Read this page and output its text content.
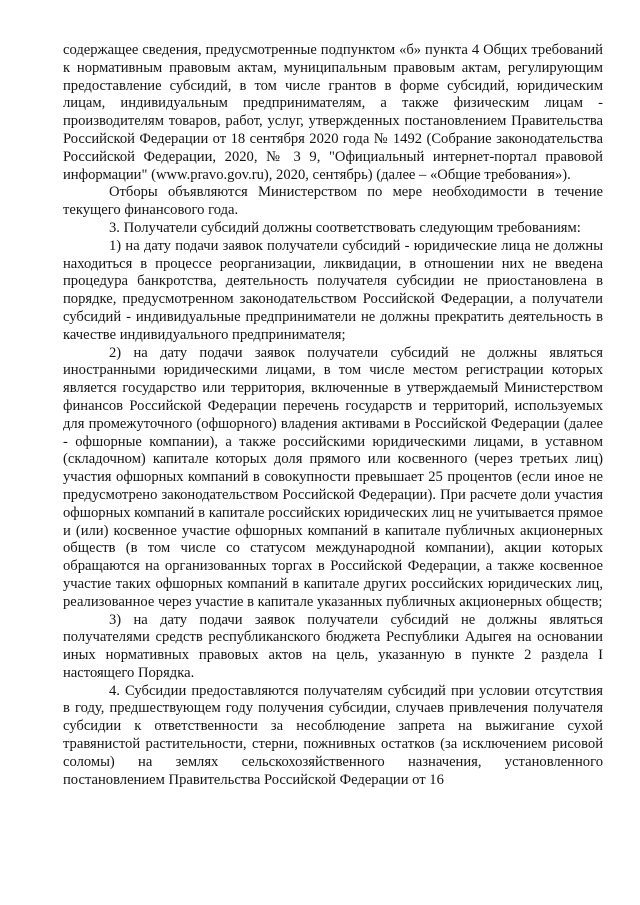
содержащее сведения, предусмотренные подпунктом «б» пункта 4 Общих требований к нормативным правовым актам, муниципальным правовым актам, регулирующим предоставление субсидий, в том числе грантов в форме субсидий, юридическим лицам, индивидуальным предпринимателям, а также физическим лицам - производителям товаров, работ, услуг, утвержденных постановлением Правительства Российской Федерации от 18 сентября 2020 года № 1492 (Собрание законодательства Российской Федерации, 2020, № 3 9, "Официальный интернет-портал правовой информации" (www.pravo.gov.ru), 2020, сентябрь) (далее – «Общие требования»).

Отборы объявляются Министерством по мере необходимости в течение текущего финансового года.

3. Получатели субсидий должны соответствовать следующим требованиям:

1) на дату подачи заявок получатели субсидий - юридические лица не должны находиться в процессе реорганизации, ликвидации, в отношении них не введена процедура банкротства, деятельность получателя субсидии не приостановлена в порядке, предусмотренном законодательством Российской Федерации, а получатели субсидий - индивидуальные предприниматели не должны прекратить деятельность в качестве индивидуального предпринимателя;

2) на дату подачи заявок получатели субсидий не должны являться иностранными юридическими лицами, в том числе местом регистрации которых является государство или территория, включенные в утверждаемый Министерством финансов Российской Федерации перечень государств и территорий, используемых для промежуточного (офшорного) владения активами в Российской Федерации (далее - офшорные компании), а также российскими юридическими лицами, в уставном (складочном) капитале которых доля прямого или косвенного (через третьих лиц) участия офшорных компаний в совокупности превышает 25 процентов (если иное не предусмотрено законодательством Российской Федерации). При расчете доли участия офшорных компаний в капитале российских юридических лиц не учитывается прямое и (или) косвенное участие офшорных компаний в капитале публичных акционерных обществ (в том числе со статусом международной компании), акции которых обращаются на организованных торгах в Российской Федерации, а также косвенное участие таких офшорных компаний в капитале других российских юридических лиц, реализованное через участие в капитале указанных публичных акционерных обществ;

3) на дату подачи заявок получатели субсидий не должны являться получателями средств республиканского бюджета Республики Адыгея на основании иных нормативных правовых актов на цель, указанную в пункте 2 раздела I настоящего Порядка.

4. Субсидии предоставляются получателям субсидий при условии отсутствия в году, предшествующем году получения субсидии, случаев привлечения получателя субсидии к ответственности за несоблюдение запрета на выжигание сухой травянистой растительности, стерни, пожнивных остатков (за исключением рисовой соломы) на землях сельскохозяйственного назначения, установленного постановлением Правительства Российской Федерации от 16
